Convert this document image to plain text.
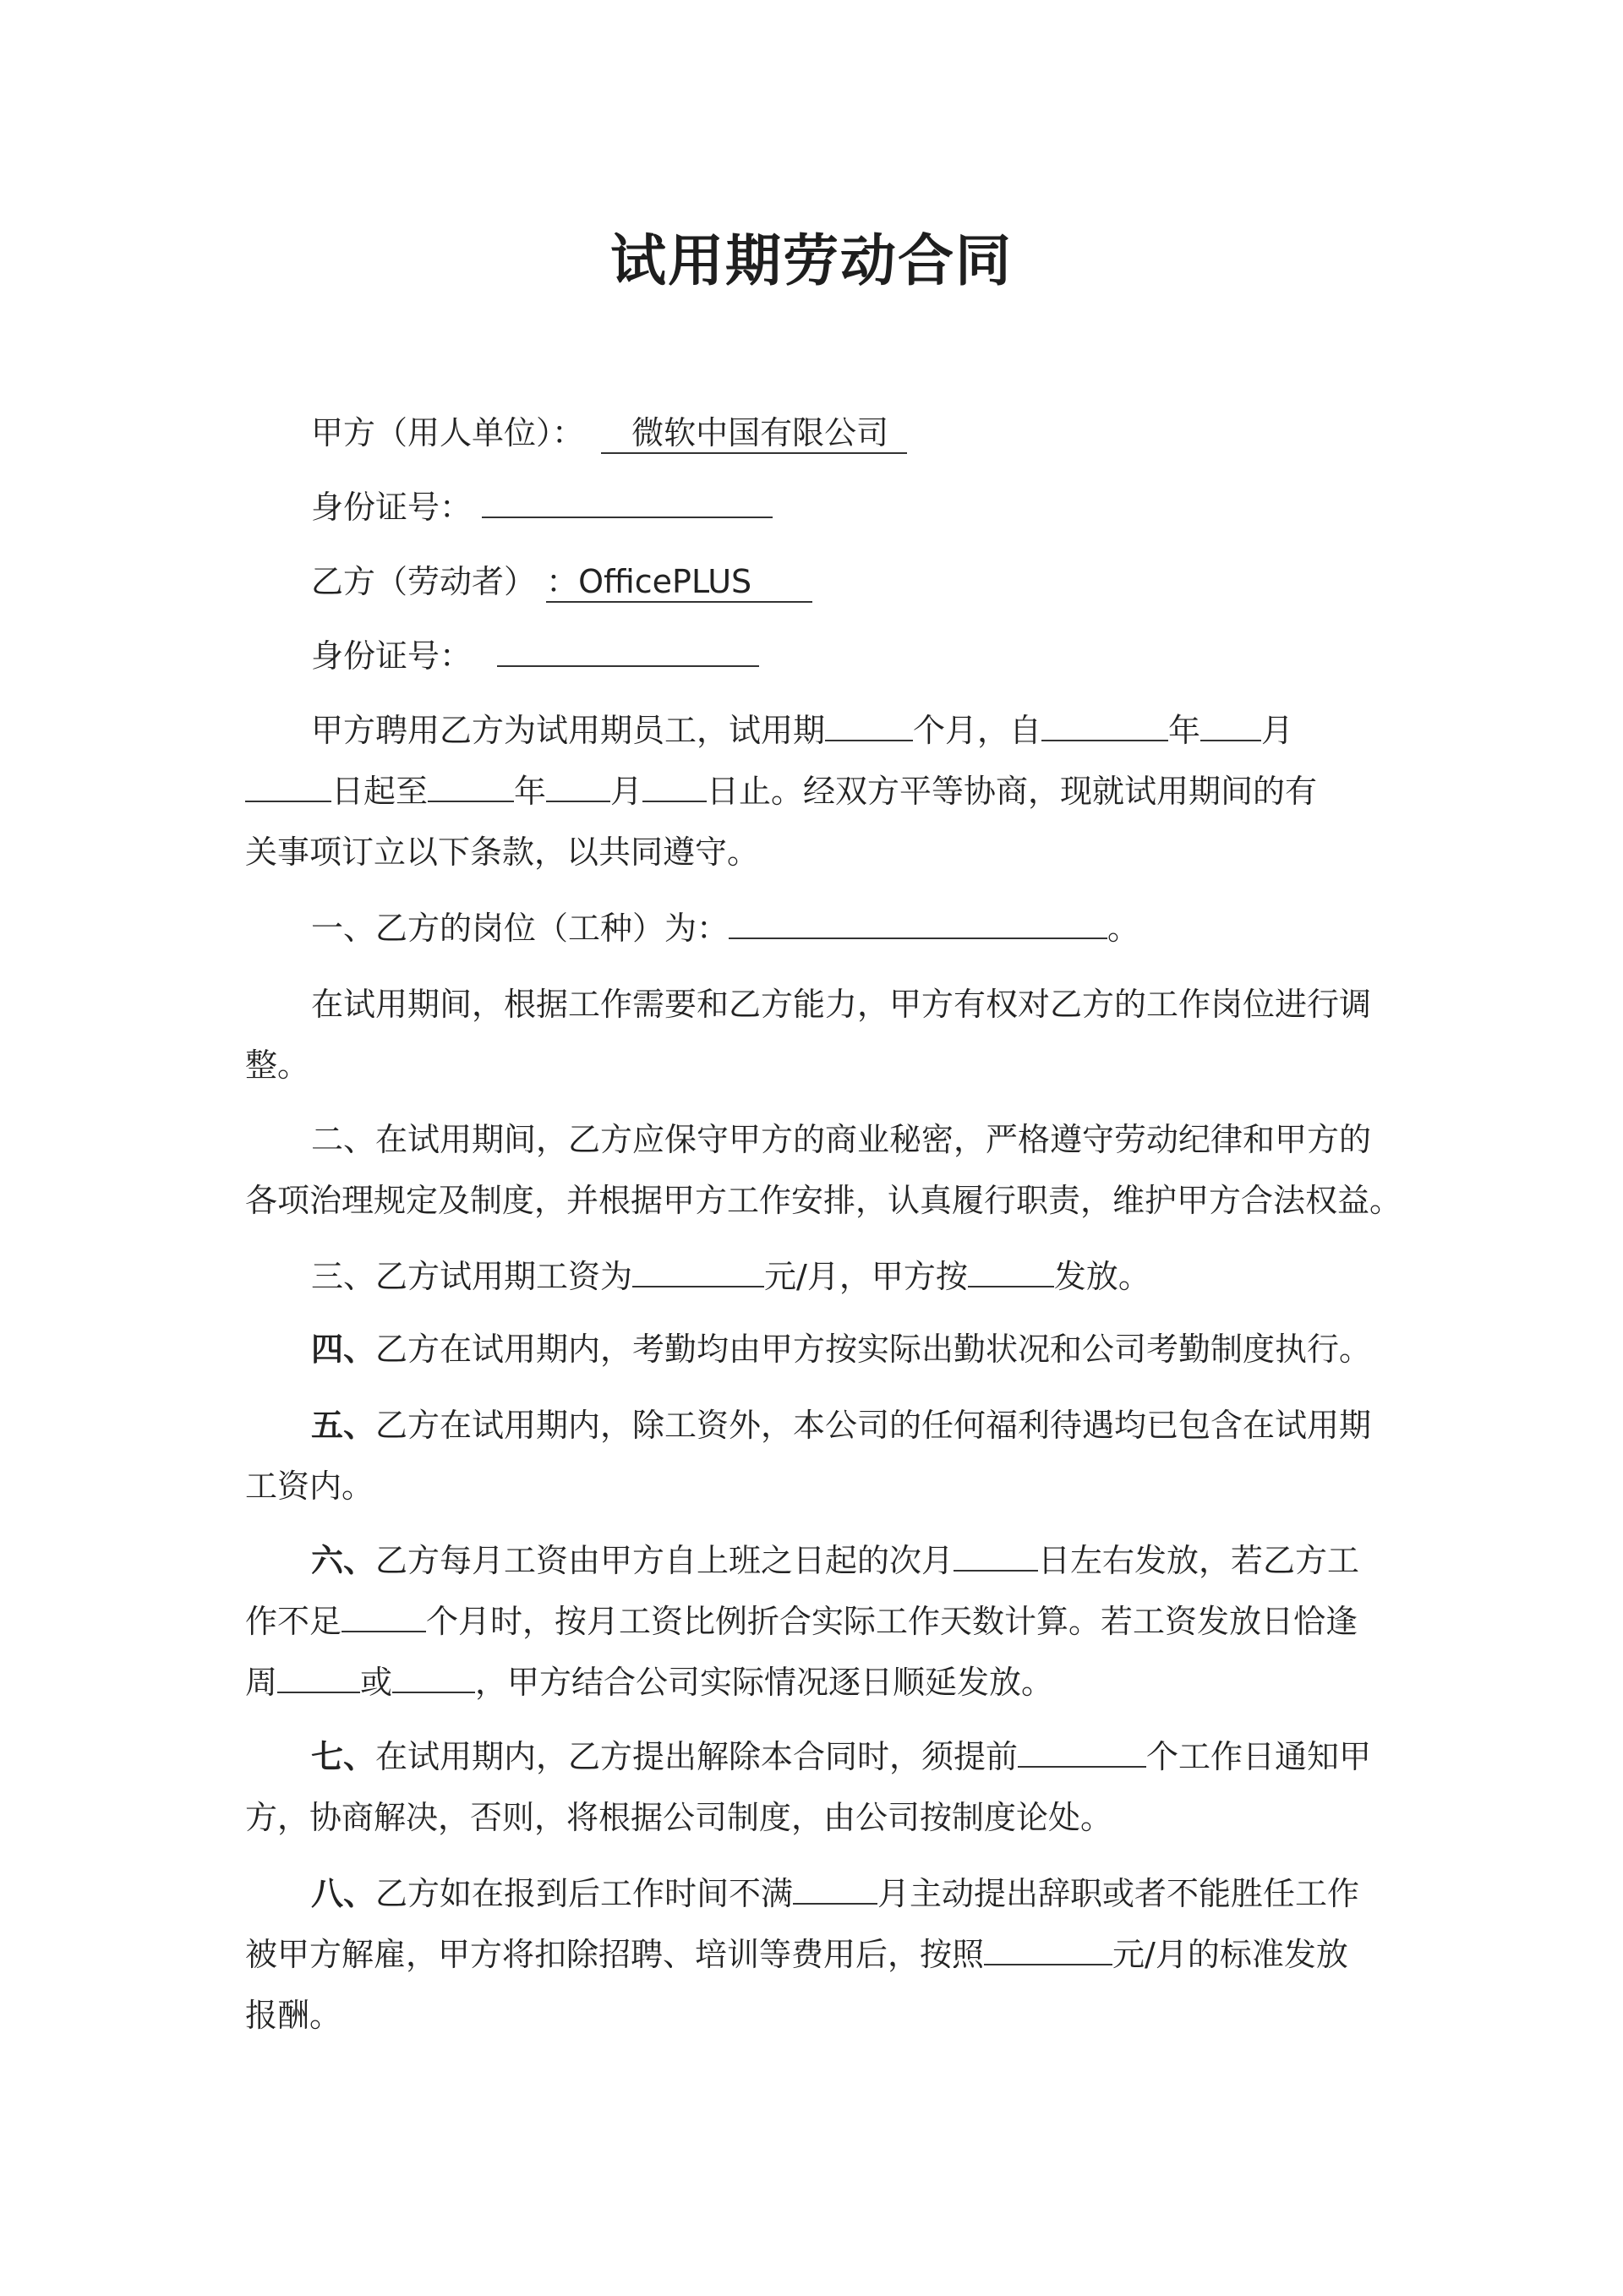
试用期劳动合同
甲方（用人单位）： 微软中国有限公司
身份证号：
乙方（劳动者） ：OfficePLUS
身份证号：
甲方聘用乙方为试用期员工，试用期	个月，自	年 月
日起至	年 月 日止。经双方平等协商，现就试用期间的有
关事项订立以下条款，以共同遵守。
一、乙方的岗位（工种）为：	。
在试用期间，根据工作需要和乙方能力，甲方有权对乙方的工作岗位进行调
整。
二、在试用期间，乙方应保守甲方的商业秘密，严格遵守劳动纪律和甲方的
各项治理规定及制度，并根据甲方工作安排，认真履行职责，维护甲方合法权益。
三、乙方试用期工资为	元/月，甲方按	发放。
四、乙方在试用期内，考勤均由甲方按实际出勤状况和公司考勤制度执行。
五、乙方在试用期内，除工资外，本公司的任何福利待遇均已包含在试用期
工资内。
六、乙方每月工资由甲方自上班之日起的次月	日左右发放，若乙方工
作不足	个月时，按月工资比例折合实际工作天数计算。若工资发放日恰逢
周	或	，甲方结合公司实际情况逐日顺延发放。
七、在试用期内，乙方提出解除本合同时，须提前	个工作日通知甲
方，协商解决，否则，将根据公司制度，由公司按制度论处。
八、乙方如在报到后工作时间不满	月主动提出辞职或者不能胜任工作
被甲方解雇，甲方将扣除招聘、培训等费用后，按照	元/月的标准发放
报酬。
